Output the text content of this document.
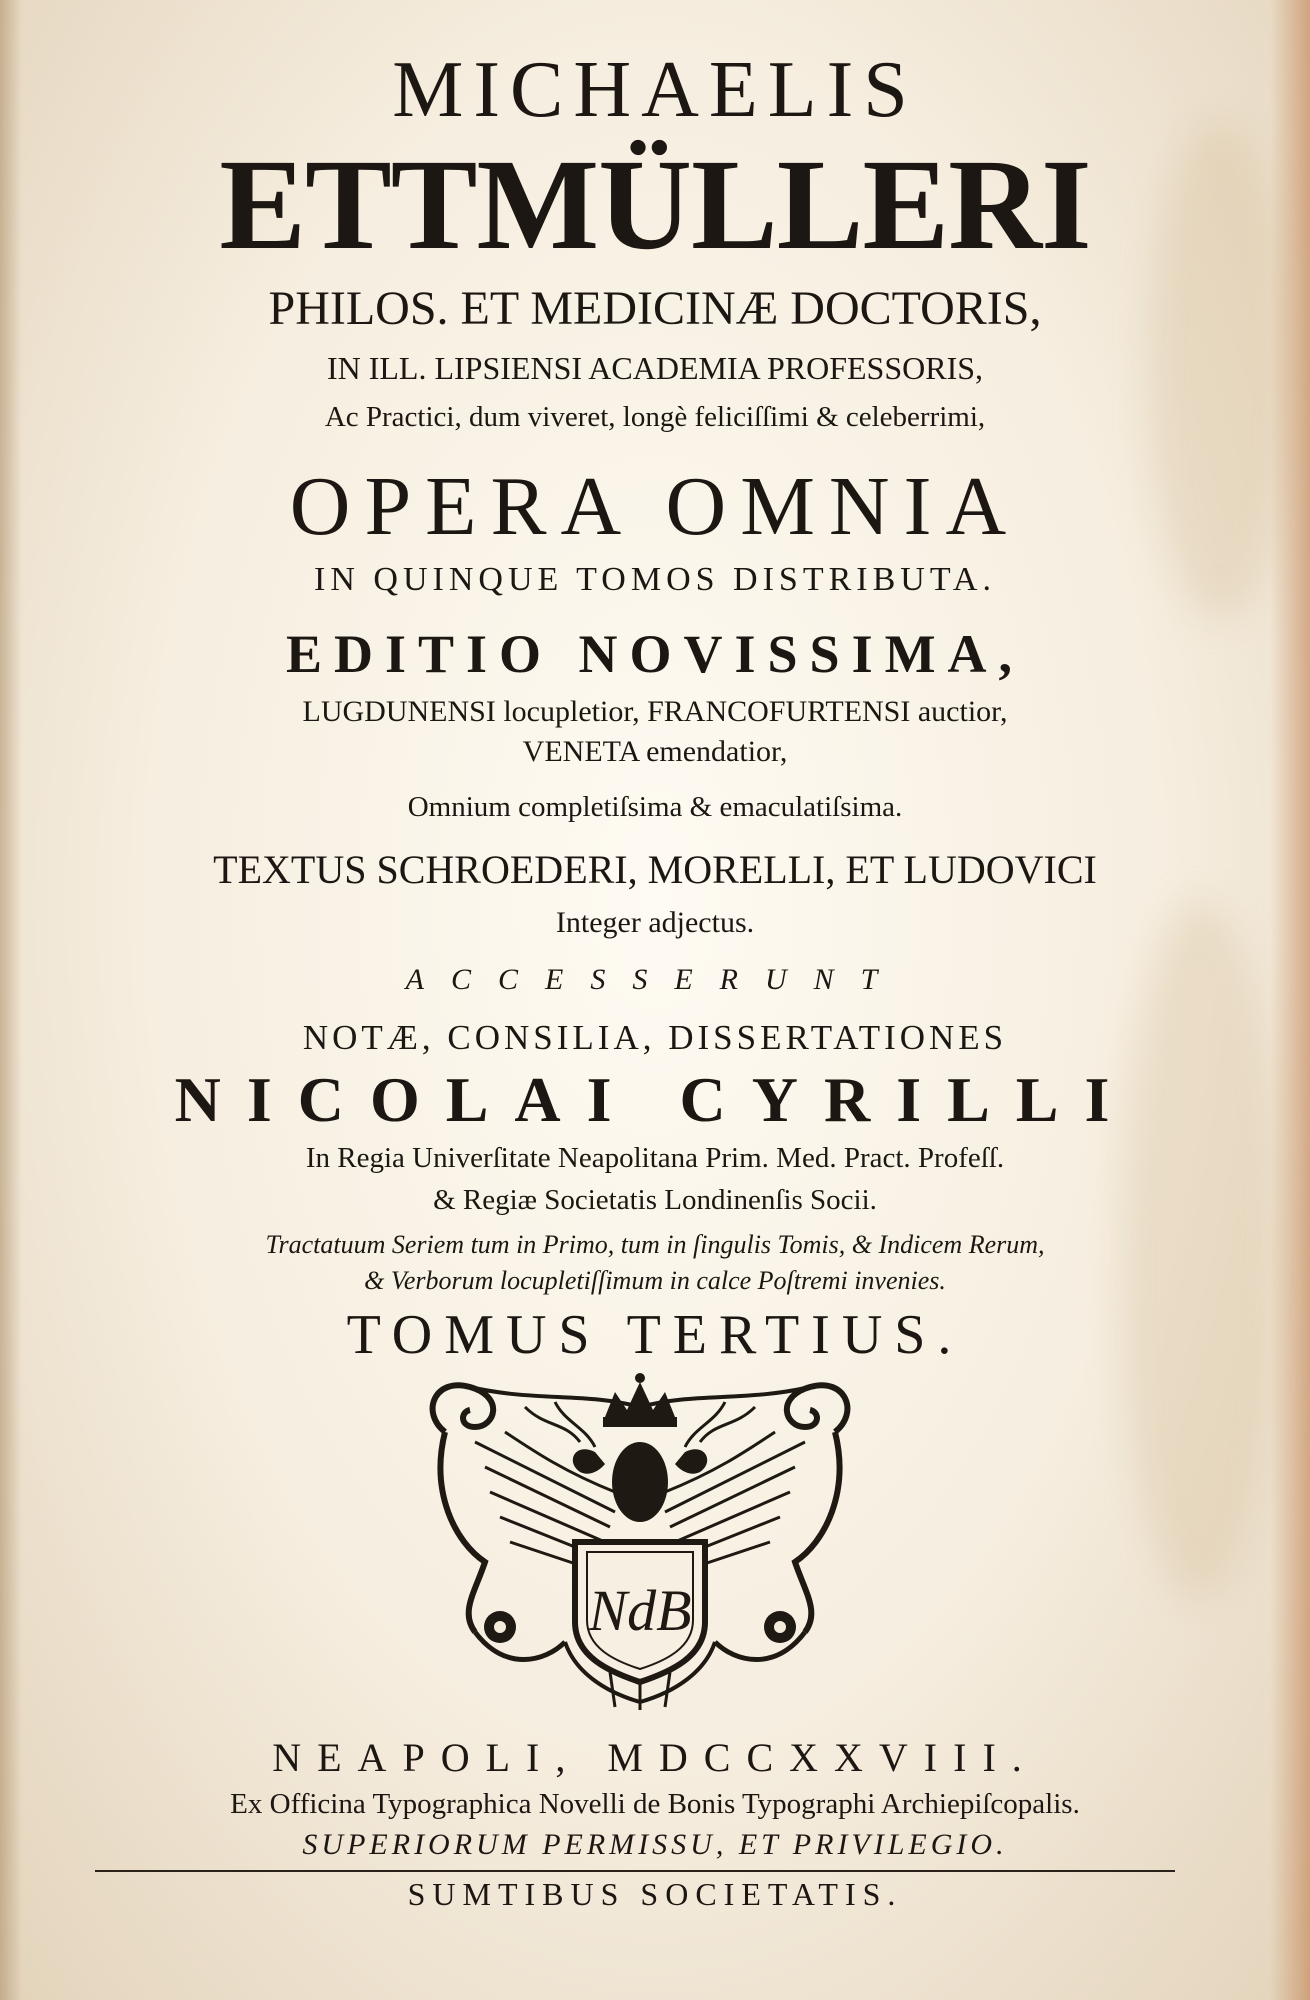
MICHAELIS
ETTMÜLLERI
PHILOS. ET MEDICINÆ DOCTORIS,
IN ILL. LIPSIENSI ACADEMIA PROFESSORIS,
Ac Practici, dum viveret, longè feliciſſimi & celeberrimi,
OPERA OMNIA
IN QUINQUE TOMOS DISTRIBUTA.
EDITIO NOVISSIMA,
LUGDUNENSI locupletior, FRANCOFURTENSI auctior,
VENETA emendatior,
Omnium completiſsima & emaculatiſsima.
TEXTUS SCHROEDERI, MORELLI, ET LUDOVICI
Integer adjectus.
ACCESSERUNT
NOTÆ, CONSILIA, DISSERTATIONES
NICOLAI CYRILLI
In Regia Univerſitate Neapolitana Prim. Med. Pract. Profeſſ.
& Regiæ Societatis Londinenſis Socii.
Tractatuum Seriem tum in Primo, tum in ſingulis Tomis, & Indicem Rerum,
& Verborum locupletiſſimum in calce Poſtremi invenies.
TOMUS TERTIUS.
NdB
NEAPOLI, MDCCXXVIII.
Ex Officina Typographica Novelli de Bonis Typographi Archiepiſcopalis.
SUPERIORUM PERMISSU, ET PRIVILEGIO.
SUMTIBUS SOCIETATIS.
